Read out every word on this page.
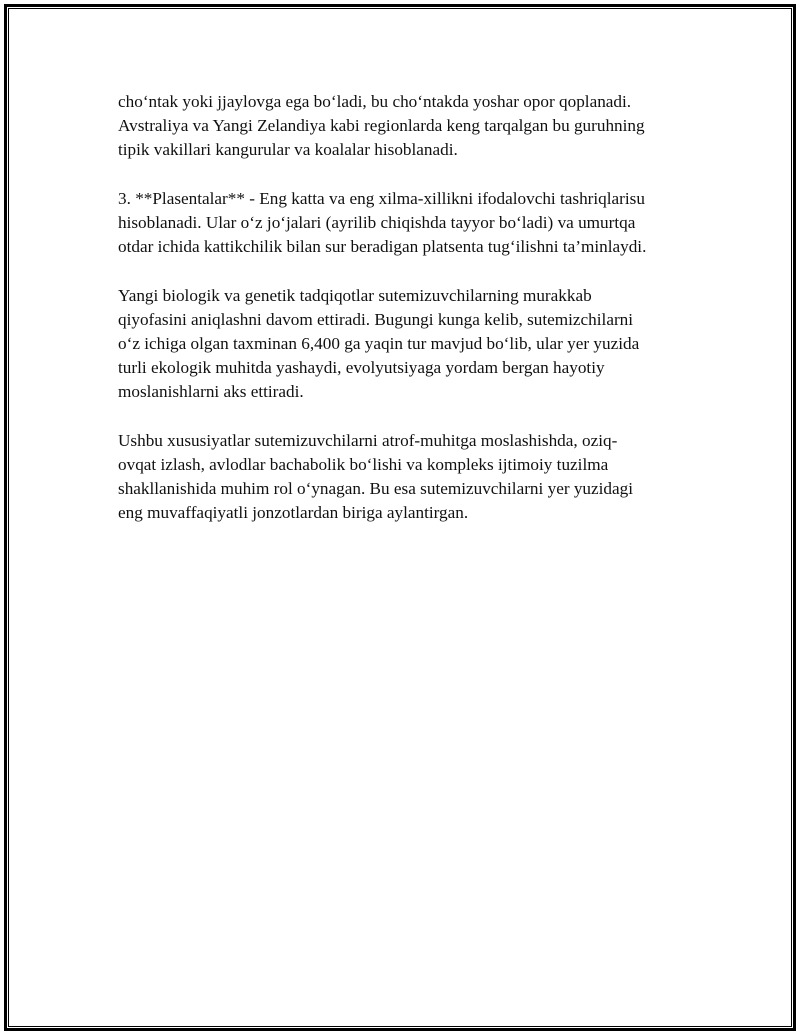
cho‘ntak yoki jjaylovga ega bo‘ladi, bu cho‘ntakda yoshar opor qoplanadi.
Avstraliya va Yangi Zelandiya kabi regionlarda keng tarqalgan bu guruhning
tipik vakillari kangurular va koalalar hisoblanadi.

3. **Plasentalar** - Eng katta va eng xilma-xillikni ifodalovchi tashriqlarisu
hisoblanadi. Ular o‘z jo‘jalari (ayrilib chiqishda tayyor bo‘ladi) va umurtqa
otdar ichida kattikchilik bilan sur beradigan platsenta tug‘ilishni ta’minlaydi.

Yangi biologik va genetik tadqiqotlar sutemizuvchilarning murakkab
qiyofasini aniqlashni davom ettiradi. Bugungi kunga kelib, sutemizchilarni
o‘z ichiga olgan taxminan 6,400 ga yaqin tur mavjud bo‘lib, ular yer yuzida
turli ekologik muhitda yashaydi, evolyutsiyaga yordam bergan hayotiy
moslanishlarni aks ettiradi.

Ushbu xususiyatlar sutemizuvchilarni atrof-muhitga moslashishda, oziq-
ovqat izlash, avlodlar bachabolik bo‘lishi va kompleks ijtimoiy tuzilma
shakllanishida muhim rol o‘ynagan. Bu esa sutemizuvchilarni yer yuzidagi
eng muvaffaqiyatli jonzotlardan biriga aylantirgan.
